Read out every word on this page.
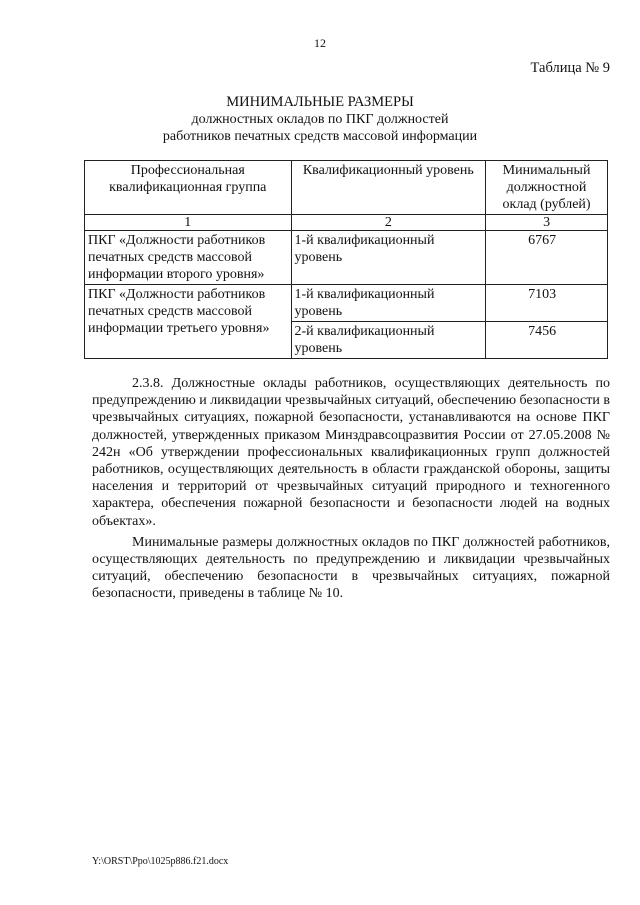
12
Таблица № 9
МИНИМАЛЬНЫЕ РАЗМЕРЫ
должностных окладов по ПКГ должностей
работников печатных средств массовой информации
Профессиональная квалификационная группа	Квалификационный уровень	Минимальный должностной оклад (рублей)
1	2	3
ПКГ «Должности работников печатных средств массовой информации второго уровня»	1-й квалификационный уровень	6767
ПКГ «Должности работников печатных средств массовой информации третьего уровня»	1-й квалификационный уровень	7103
	2-й квалификационный уровень	7456

2.3.8. Должностные оклады работников, осуществляющих деятельность по предупреждению и ликвидации чрезвычайных ситуаций, обеспечению безопасности в чрезвычайных ситуациях, пожарной безопасности, устанавливаются на основе ПКГ должностей, утвержденных приказом Минздравсоцразвития России от 27.05.2008 № 242н «Об утверждении профессиональных квалификационных групп должностей работников, осуществляющих деятельность в области гражданской обороны, защиты населения и территорий от чрезвычайных ситуаций природного и техногенного характера, обеспечения пожарной безопасности и безопасности людей на водных объектах».

Минимальные размеры должностных окладов по ПКГ должностей работников, осуществляющих деятельность по предупреждению и ликвидации чрезвычайных ситуаций, обеспечению безопасности в чрезвычайных ситуациях, пожарной безопасности, приведены в таблице № 10.

Y:\ORST\Ppo\1025p886.f21.docx
